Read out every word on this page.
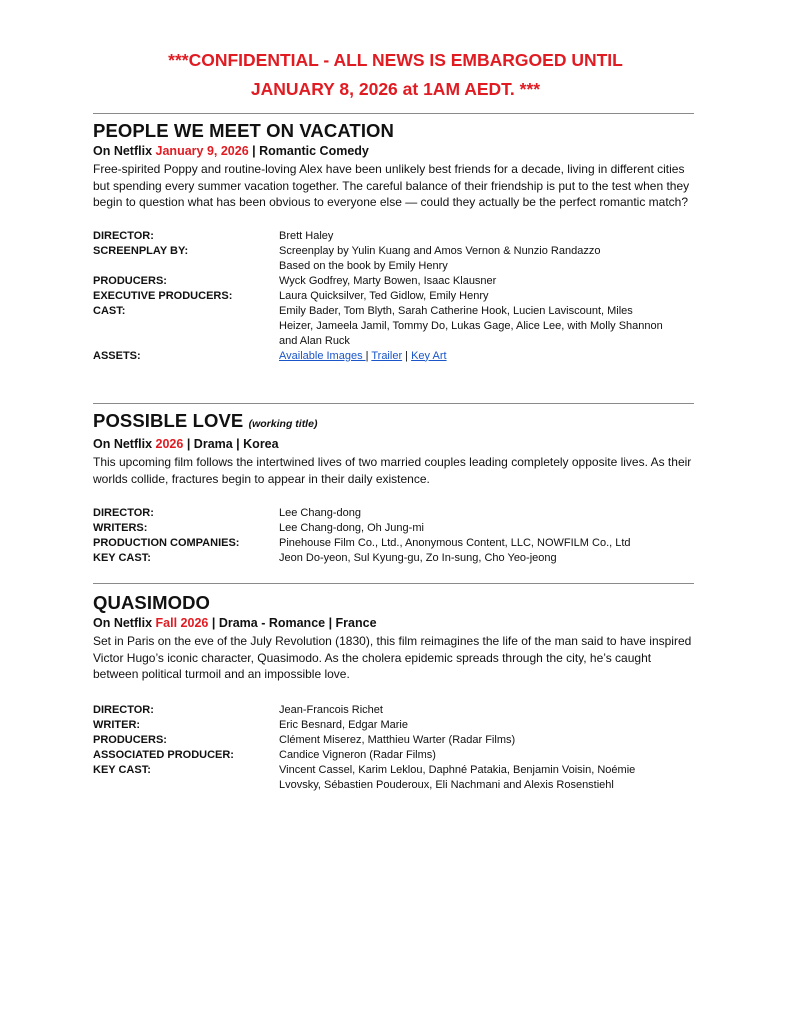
***CONFIDENTIAL - ALL NEWS IS EMBARGOED UNTIL
JANUARY 8, 2026 at 1AM AEDT. ***
PEOPLE WE MEET ON VACATION
On Netflix January 9, 2026 | Romantic Comedy

Free-spirited Poppy and routine-loving Alex have been unlikely best friends for a decade, living in different cities but spending every summer vacation together. The careful balance of their friendship is put to the test when they begin to question what has been obvious to everyone else — could they actually be the perfect romantic match?

DIRECTOR:	Brett Haley
SCREENPLAY BY:	Screenplay by Yulin Kuang and Amos Vernon & Nunzio Randazzo
Based on the book by Emily Henry
PRODUCERS:	Wyck Godfrey, Marty Bowen, Isaac Klausner
EXECUTIVE PRODUCERS:	Laura Quicksilver, Ted Gidlow, Emily Henry
CAST:	Emily Bader, Tom Blyth, Sarah Catherine Hook, Lucien Laviscount, Miles
Heizer, Jameela Jamil, Tommy Do, Lukas Gage, Alice Lee, with Molly Shannon
and Alan Ruck
ASSETS:	Available Images | Trailer | Key Art
POSSIBLE LOVE (working title)
On Netflix 2026 | Drama | Korea

This upcoming film follows the intertwined lives of two married couples leading completely opposite lives. As their worlds collide, fractures begin to appear in their daily existence.

DIRECTOR:	Lee Chang-dong
WRITERS:	Lee Chang-dong, Oh Jung-mi
PRODUCTION COMPANIES:	Pinehouse Film Co., Ltd., Anonymous Content, LLC, NOWFILM Co., Ltd
KEY CAST:	Jeon Do-yeon, Sul Kyung-gu, Zo In-sung, Cho Yeo-jeong
QUASIMODO
On Netflix Fall 2026 | Drama - Romance | France

Set in Paris on the eve of the July Revolution (1830), this film reimagines the life of the man said to have inspired Victor Hugo’s iconic character, Quasimodo. As the cholera epidemic spreads through the city, he’s caught between political turmoil and an impossible love.

DIRECTOR:	Jean-Francois Richet
WRITER:	Eric Besnard, Edgar Marie
PRODUCERS:	Clément Miserez, Matthieu Warter (Radar Films)
ASSOCIATED PRODUCER:	Candice Vigneron (Radar Films)
KEY CAST:	Vincent Cassel, Karim Leklou, Daphné Patakia, Benjamin Voisin, Noémie
Lvovsky, Sébastien Pouderoux, Eli Nachmani and Alexis Rosenstiehl
